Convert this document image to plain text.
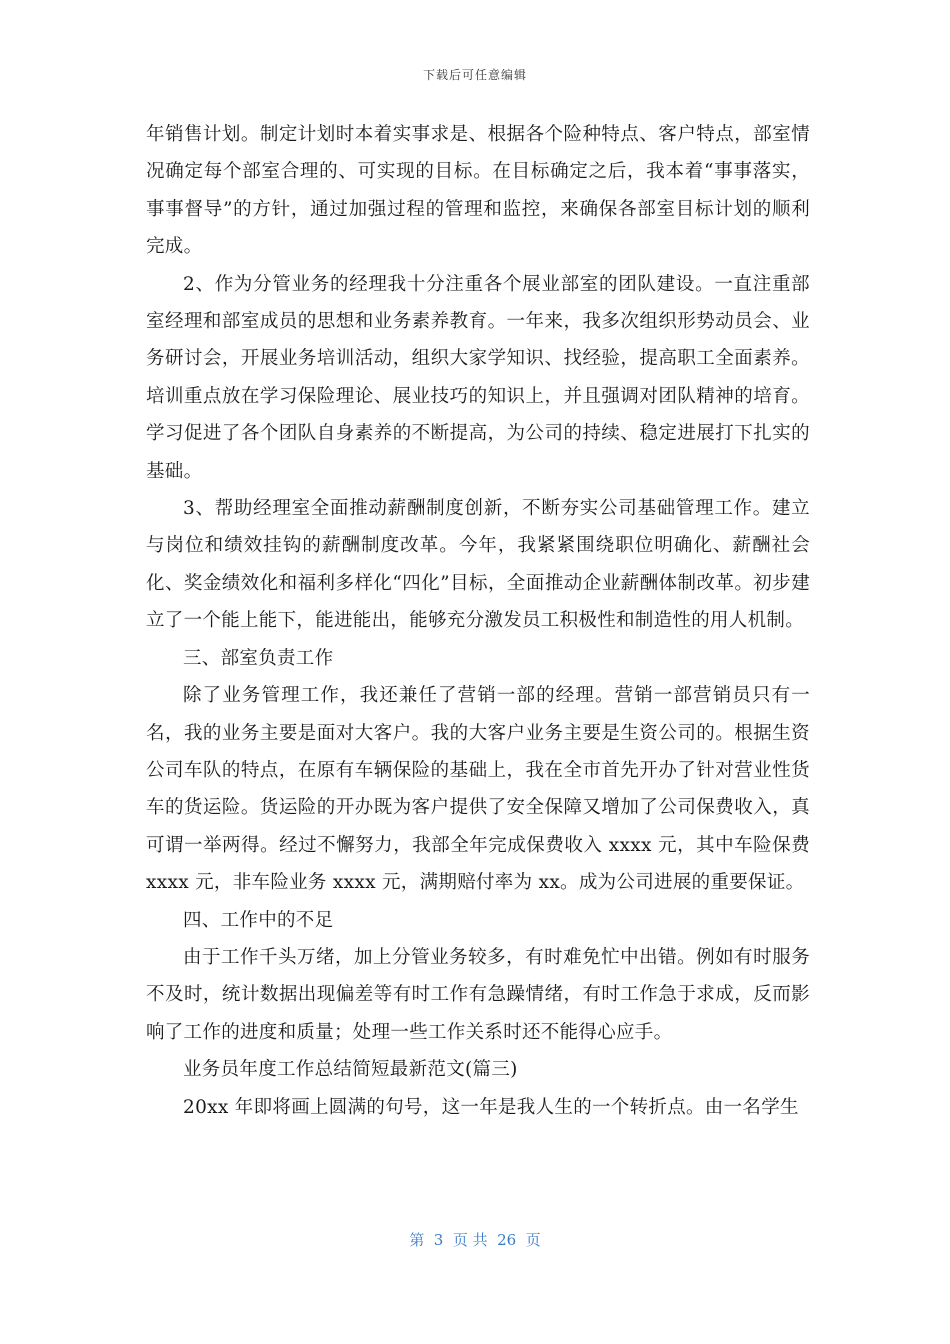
下载后可任意编辑

年销售计划。制定计划时本着实事求是、根据各个险种特点、客户特点，部室情况确定每个部室合理的、可实现的目标。在目标确定之后，我本着“事事落实，事事督导”的方针，通过加强过程的管理和监控，来确保各部室目标计划的顺利完成。

2、作为分管业务的经理我十分注重各个展业部室的团队建设。一直注重部室经理和部室成员的思想和业务素养教育。一年来，我多次组织形势动员会、业务研讨会，开展业务培训活动，组织大家学知识、找经验，提高职工全面素养。培训重点放在学习保险理论、展业技巧的知识上，并且强调对团队精神的培育。学习促进了各个团队自身素养的不断提高，为公司的持续、稳定进展打下扎实的基础。

3、帮助经理室全面推动薪酬制度创新，不断夯实公司基础管理工作。建立与岗位和绩效挂钩的薪酬制度改革。今年，我紧紧围绕职位明确化、薪酬社会化、奖金绩效化和福利多样化“四化”目标，全面推动企业薪酬体制改革。初步建立了一个能上能下，能进能出，能够充分激发员工积极性和制造性的用人机制。

三、部室负责工作

除了业务管理工作，我还兼任了营销一部的经理。营销一部营销员只有一名，我的业务主要是面对大客户。我的大客户业务主要是生资公司的。根据生资公司车队的特点，在原有车辆保险的基础上，我在全市首先开办了针对营业性货车的货运险。货运险的开办既为客户提供了安全保障又增加了公司保费收入，真可谓一举两得。经过不懈努力，我部全年完成保费收入 xxxx 元，其中车险保费 xxxx 元，非车险业务 xxxx 元，满期赔付率为 xx。成为公司进展的重要保证。

四、工作中的不足

由于工作千头万绪，加上分管业务较多，有时难免忙中出错。例如有时服务不及时，统计数据出现偏差等有时工作有急躁情绪，有时工作急于求成，反而影响了工作的进度和质量；处理一些工作关系时还不能得心应手。

业务员年度工作总结简短最新范文(篇三)

20xx 年即将画上圆满的句号，这一年是我人生的一个转折点。由一名学生

第  3  页 共  26  页
